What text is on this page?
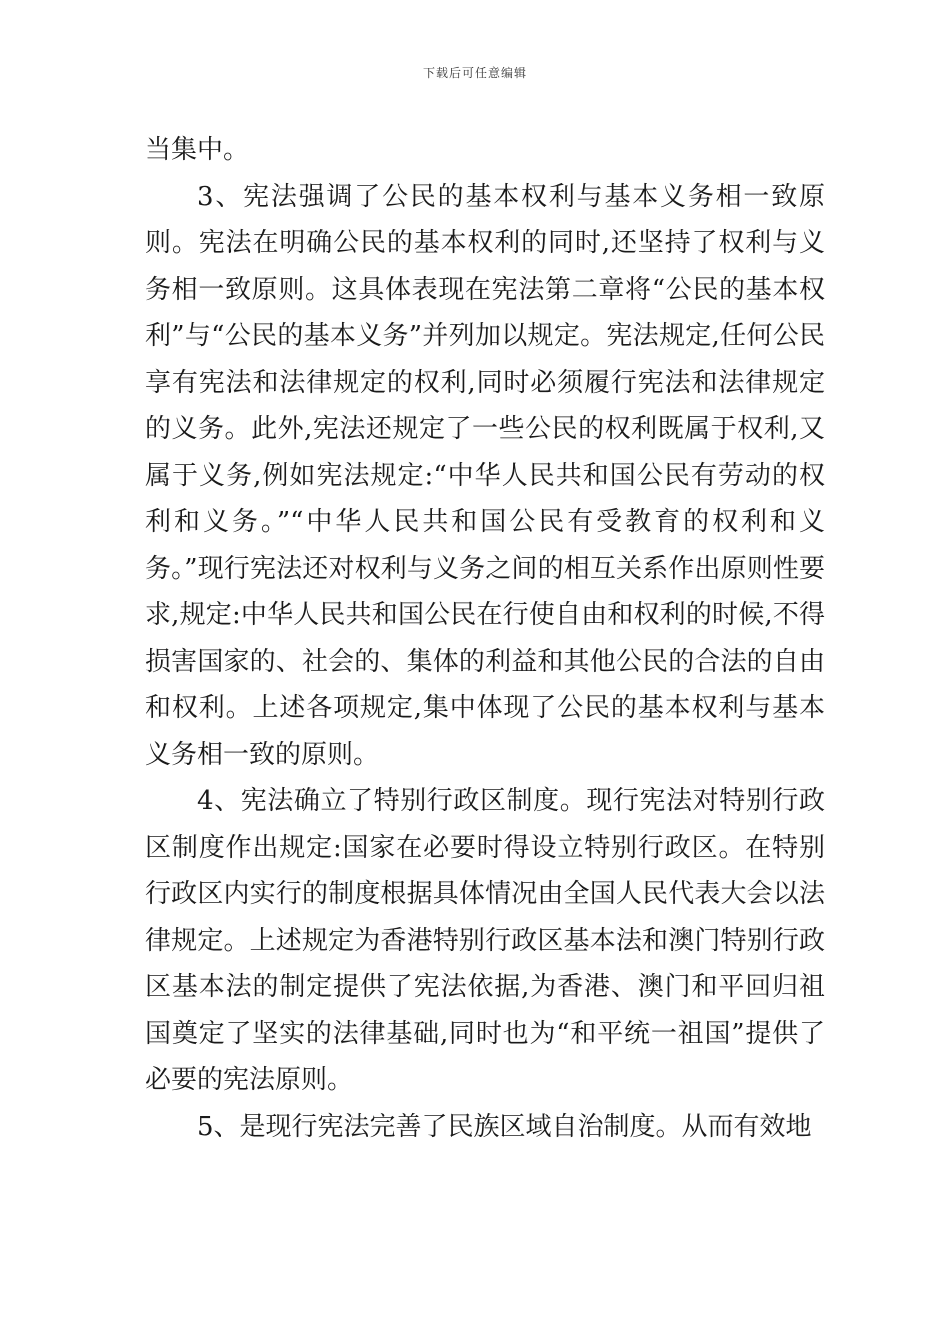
下载后可任意编辑

当集中。

3、宪法强调了公民的基本权利与基本义务相一致原则。宪法在明确公民的基本权利的同时,还坚持了权利与义务相一致原则。这具体表现在宪法第二章将“公民的基本权利”与“公民的基本义务”并列加以规定。宪法规定,任何公民享有宪法和法律规定的权利,同时必须履行宪法和法律规定的义务。此外,宪法还规定了一些公民的权利既属于权利,又属于义务,例如宪法规定:“中华人民共和国公民有劳动的权利和义务。”“中华人民共和国公民有受教育的权利和义务。”现行宪法还对权利与义务之间的相互关系作出原则性要求,规定:中华人民共和国公民在行使自由和权利的时候,不得损害国家的、社会的、集体的利益和其他公民的合法的自由和权利。上述各项规定,集中体现了公民的基本权利与基本义务相一致的原则。

4、宪法确立了特别行政区制度。现行宪法对特别行政区制度作出规定:国家在必要时得设立特别行政区。在特别行政区内实行的制度根据具体情况由全国人民代表大会以法律规定。上述规定为香港特别行政区基本法和澳门特别行政区基本法的制定提供了宪法依据,为香港、澳门和平回归祖国奠定了坚实的法律基础,同时也为“和平统一祖国”提供了必要的宪法原则。

5、是现行宪法完善了民族区域自治制度。从而有效地
